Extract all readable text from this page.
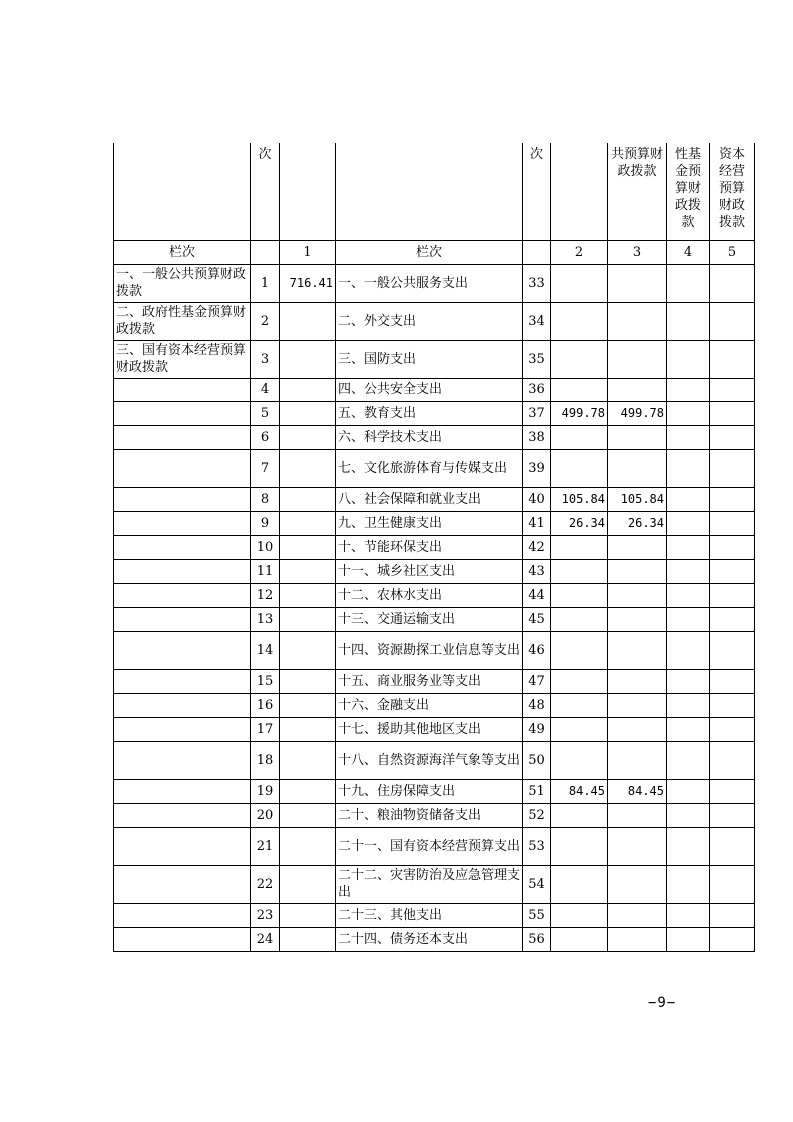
	次			次		共预算财政拨款	性基金预算财政拨款	资本经营预算财政拨款

栏次		1	栏次		2	3	4	5
一、一般公共预算财政拨款	1	716.41	一、一般公共服务支出	33				
二、政府性基金预算财政拨款	2		二、外交支出	34				
三、国有资本经营预算财政拨款	3		三、国防支出	35				
	4		四、公共安全支出	36				
	5		五、教育支出	37	499.78	499.78		
	6		六、科学技术支出	38				
	7		七、文化旅游体育与传媒支出	39				
	8		八、社会保障和就业支出	40	105.84	105.84		
	9		九、卫生健康支出	41	26.34	26.34		
	10		十、节能环保支出	42				
	11		十一、城乡社区支出	43				
	12		十二、农林水支出	44				
	13		十三、交通运输支出	45				
	14		十四、资源勘探工业信息等支出	46				
	15		十五、商业服务业等支出	47				
	16		十六、金融支出	48				
	17		十七、援助其他地区支出	49				
	18		十八、自然资源海洋气象等支出	50				
	19		十九、住房保障支出	51	84.45	84.45		
	20		二十、粮油物资储备支出	52				
	21		二十一、国有资本经营预算支出	53				
	22		二十二、灾害防治及应急管理支出	54				
	23		二十三、其他支出	55				
	24		二十四、债务还本支出	56				
−9−
